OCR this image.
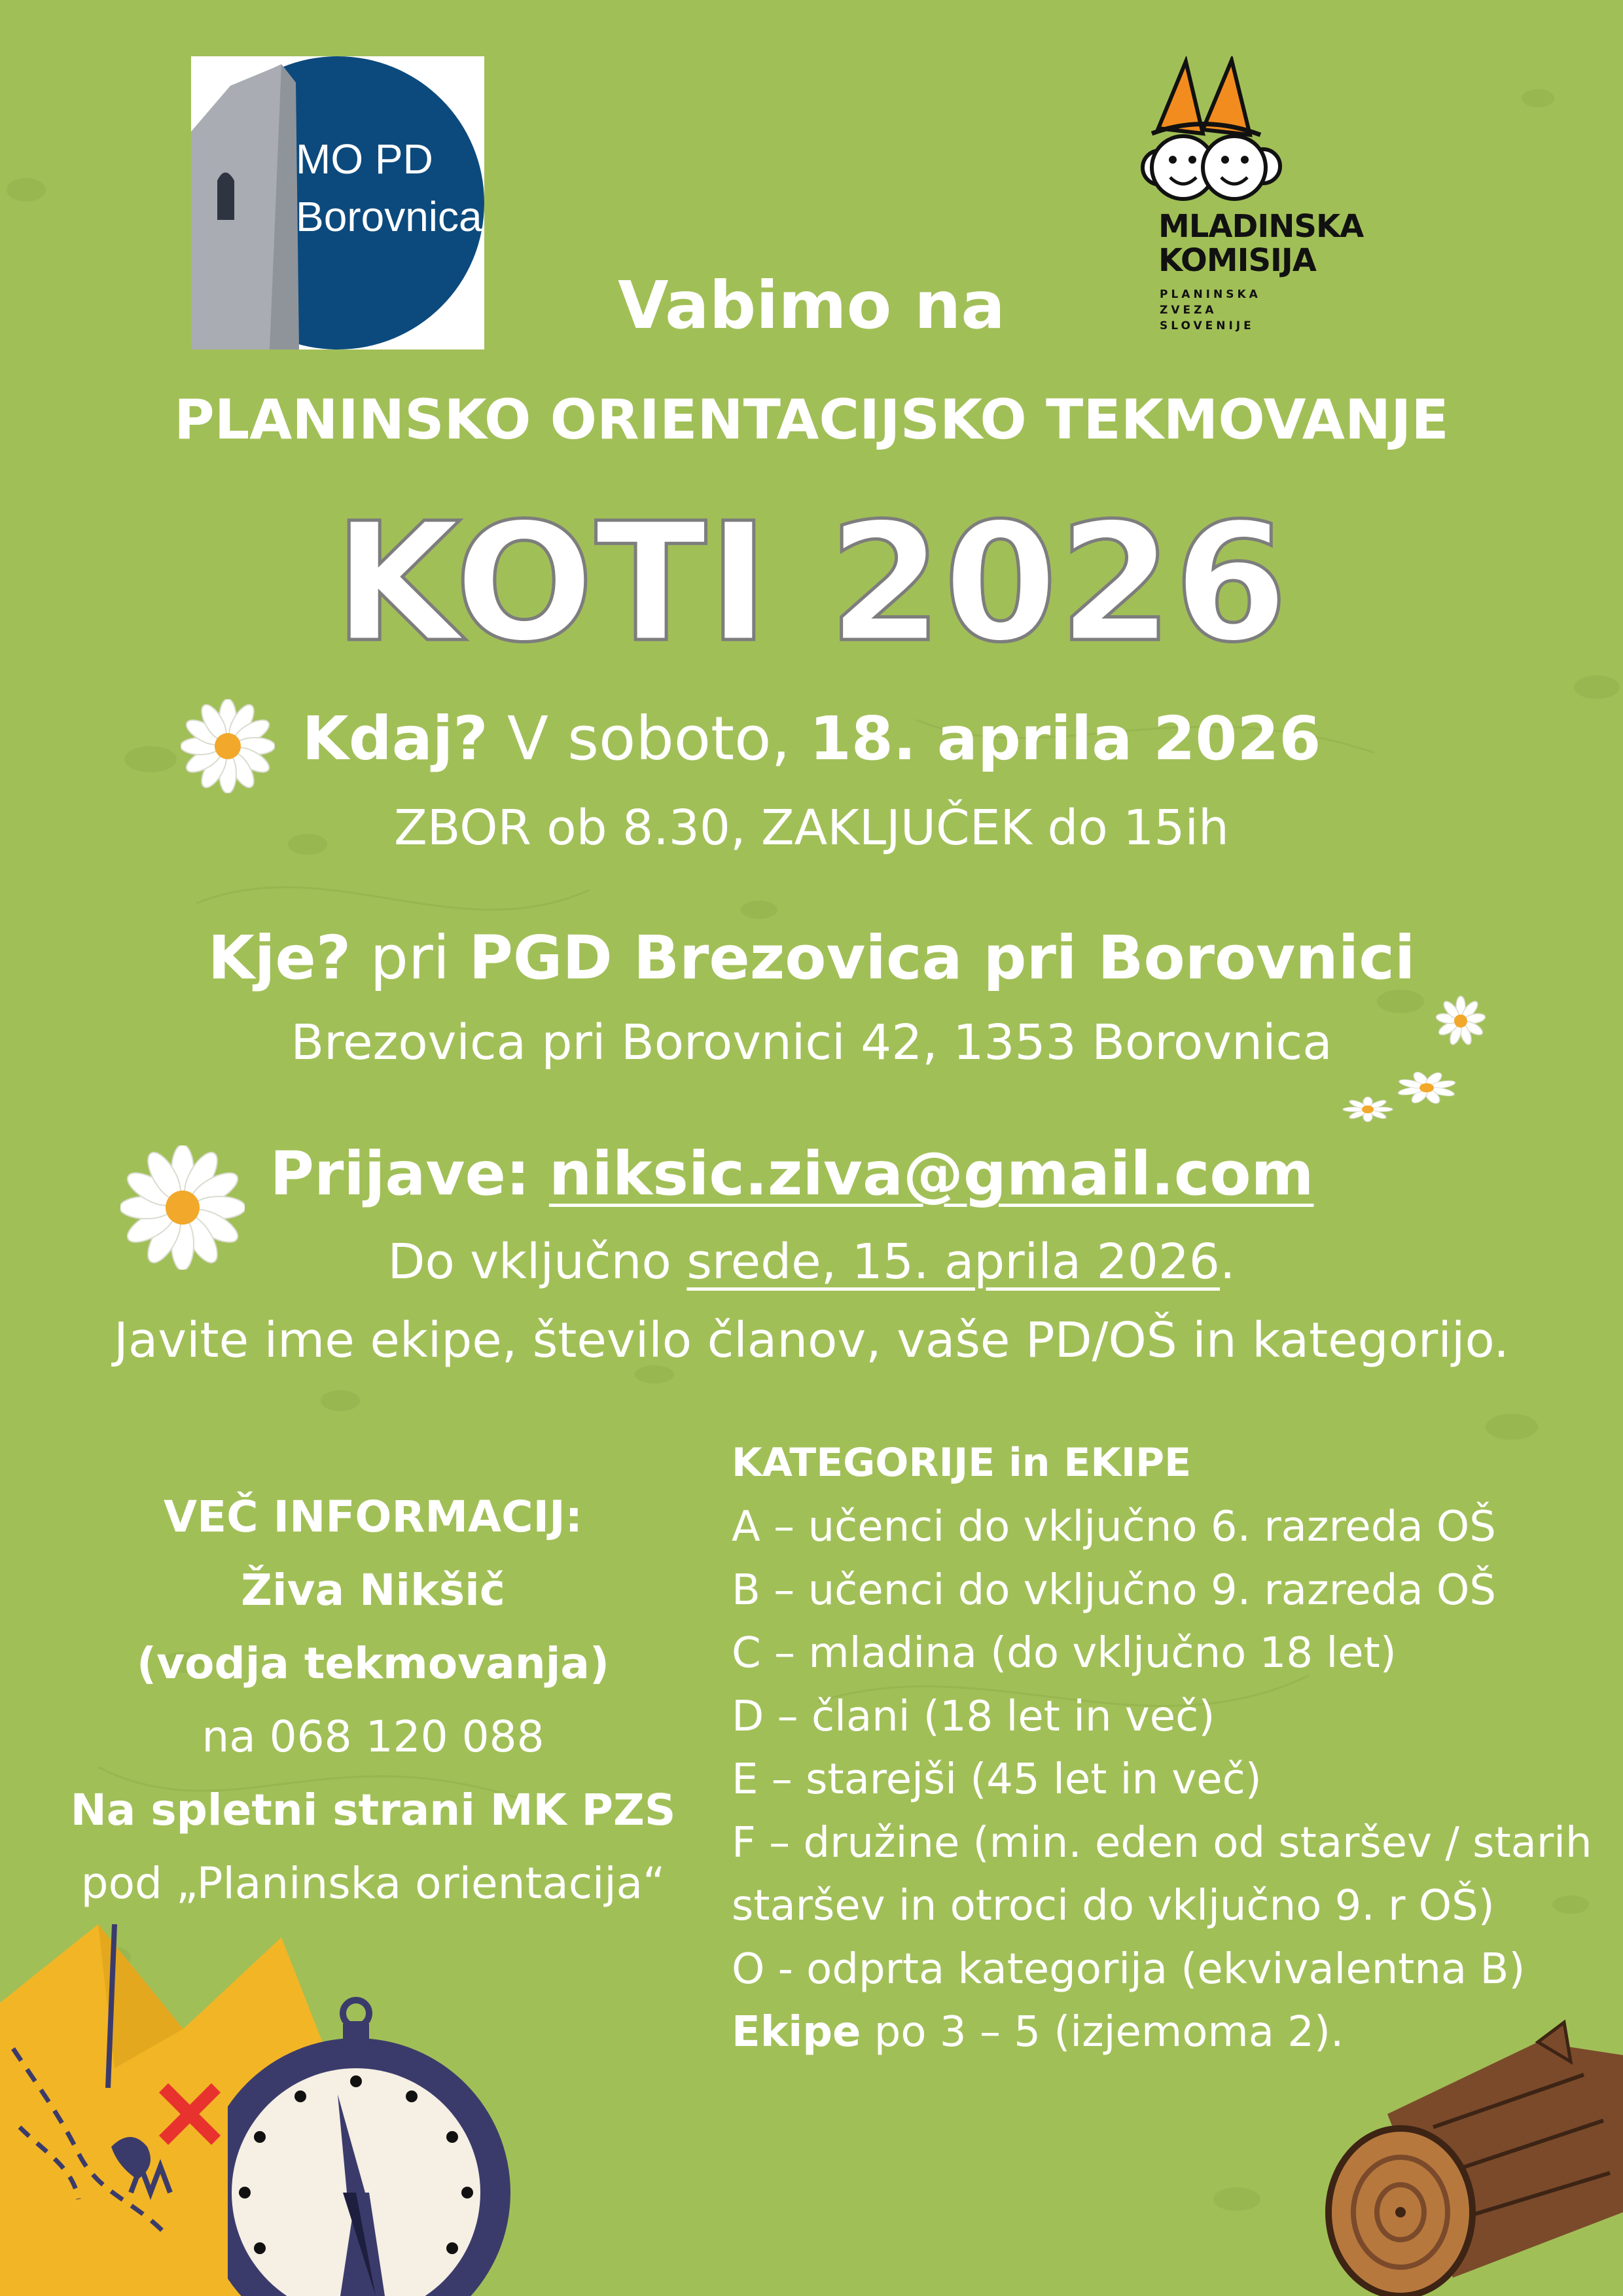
MO PD
Borovnica	MLADINSKA
KOMISIJA
PLANINSKA
ZVEZA
SLOVENIJE
Vabimo na
PLANINSKO ORIENTACIJSKO TEKMOVANJE
KOTI 2026
Kdaj? V soboto, 18. aprila 2026
ZBOR ob 8.30, ZAKLJUČEK do 15ih
Kje? pri PGD Brezovica pri Borovnici
Brezovica pri Borovnici 42, 1353 Borovnica
Prijave: niksic.ziva@gmail.com
Do vključno srede, 15. aprila 2026.
Javite ime ekipe, število članov, vaše PD/OŠ in kategorijo.
VEČ INFORMACIJ:
Živa Nikšič
(vodja tekmovanja)
na 068 120 088
Na spletni strani MK PZS
pod „Planinska orientacija“
KATEGORIJE in EKIPE
A – učenci do vključno 6. razreda OŠ
B – učenci do vključno 9. razreda OŠ
C – mladina (do vključno 18 let)
D – člani (18 let in več)
E – starejši (45 let in več)
F – družine (min. eden od staršev / starih
staršev in otroci do vključno 9. r OŠ)
O - odprta kategorija (ekvivalentna B)
Ekipe po 3 – 5 (izjemoma 2).
